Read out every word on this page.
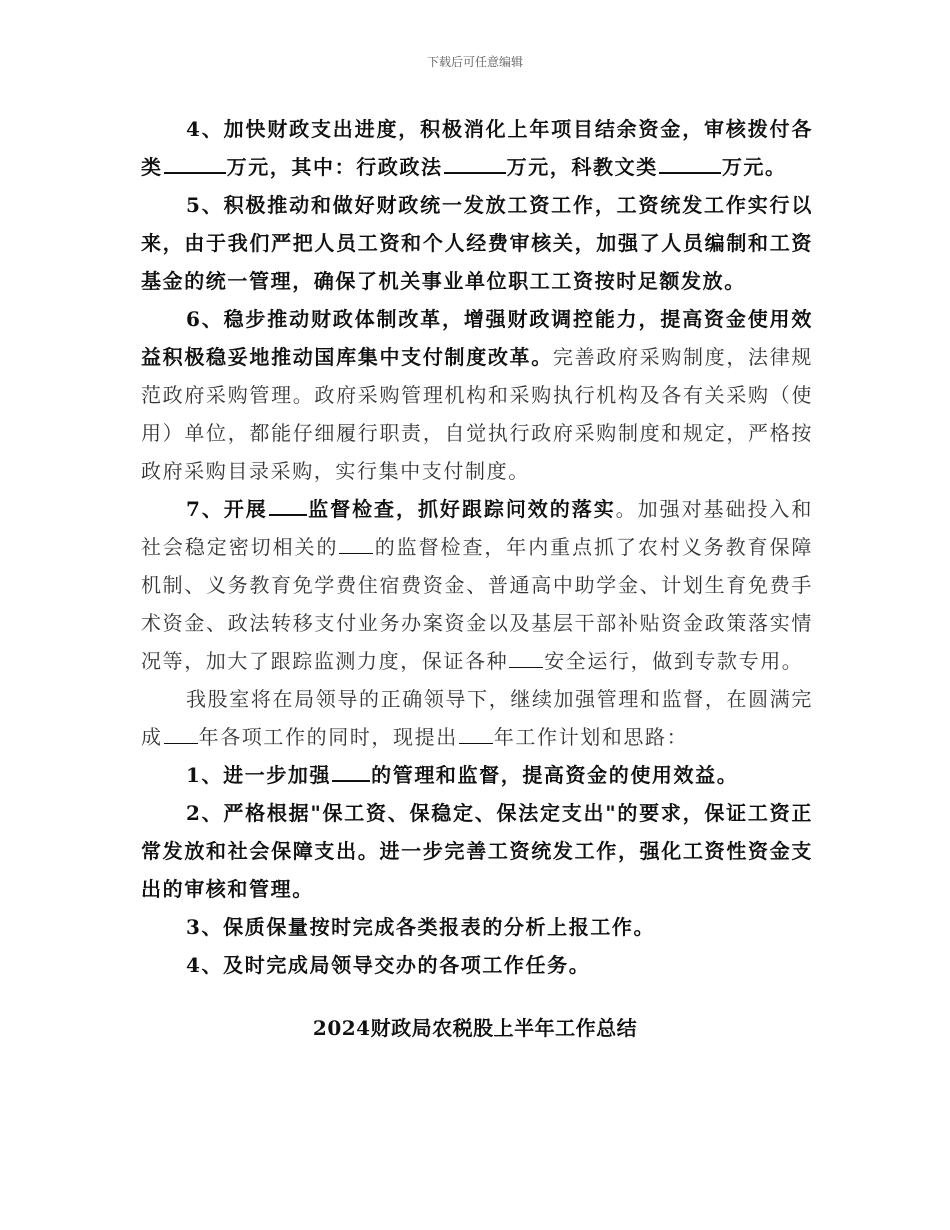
下载后可任意编辑

4、加快财政支出进度，积极消化上年项目结余资金，审核拨付各类	万元，其中：行政政法	万元，科教文类	万元。

5、积极推动和做好财政统一发放工资工作，工资统发工作实行以来，由于我们严把人员工资和个人经费审核关，加强了人员编制和工资基金的统一管理，确保了机关事业单位职工工资按时足额发放。

6、稳步推动财政体制改革，增强财政调控能力，提高资金使用效益积极稳妥地推动国库集中支付制度改革。完善政府采购制度，法律规范政府采购管理。政府采购管理机构和采购执行机构及各有关采购（使用）单位，都能仔细履行职责，自觉执行政府采购制度和规定，严格按政府采购目录采购，实行集中支付制度。

7、开展 监督检查，抓好跟踪问效的落实。加强对基础投入和社会稳定密切相关的 的监督检查，年内重点抓了农村义务教育保障机制、义务教育免学费住宿费资金、普通高中助学金、计划生育免费手术资金、政法转移支付业务办案资金以及基层干部补贴资金政策落实情况等，加大了跟踪监测力度，保证各种 安全运行，做到专款专用。

我股室将在局领导的正确领导下，继续加强管理和监督，在圆满完成 年各项工作的同时，现提出 年工作计划和思路：

1、进一步加强 的管理和监督，提高资金的使用效益。

2、严格根据"保工资、保稳定、保法定支出"的要求，保证工资正常发放和社会保障支出。进一步完善工资统发工作，强化工资性资金支出的审核和管理。

3、保质保量按时完成各类报表的分析上报工作。

4、及时完成局领导交办的各项工作任务。

2024财政局农税股上半年工作总结
